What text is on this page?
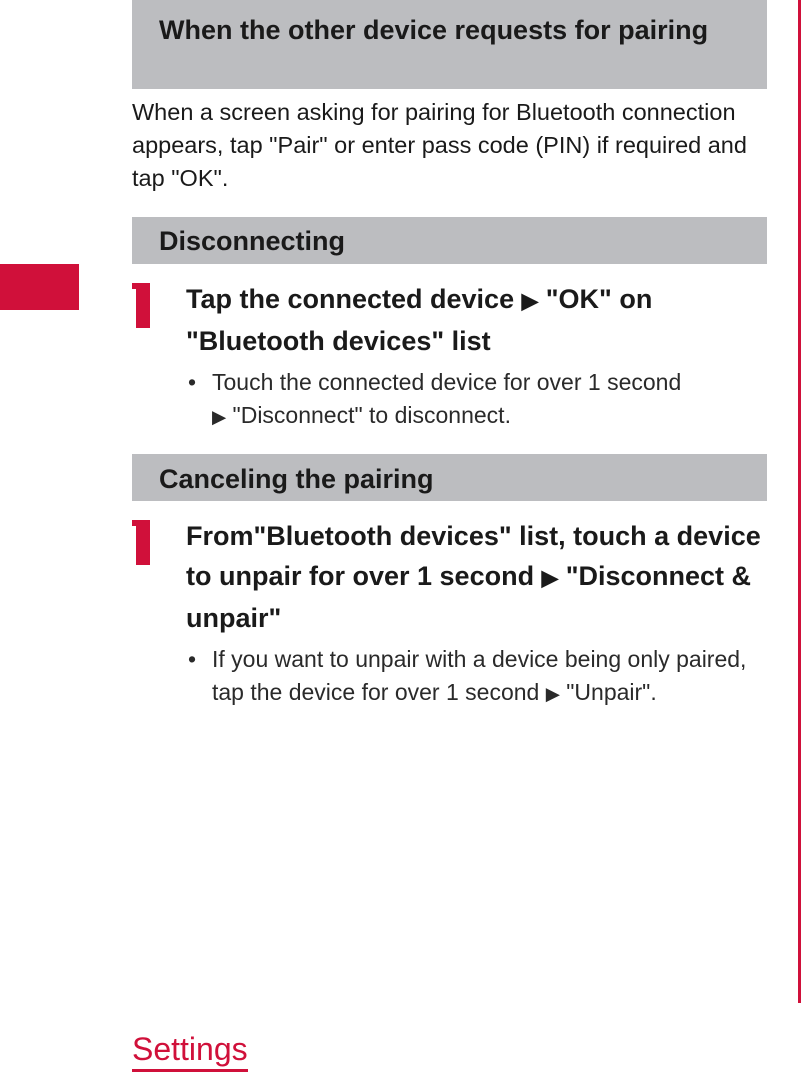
When the other device requests for pairing
When a screen asking for pairing for Bluetooth connection appears, tap "Pair" or enter pass code (PIN) if required and tap "OK".
Disconnecting
Tap the connected device ▶ "OK" on "Bluetooth devices" list
• Touch the connected device for over 1 second
▶ "Disconnect" to disconnect.
Canceling the pairing
From"Bluetooth devices" list, touch a device to unpair for over 1 second ▶ "Disconnect & unpair"
• If you want to unpair with a device being only paired, tap the device for over 1 second ▶ "Unpair".
Settings
